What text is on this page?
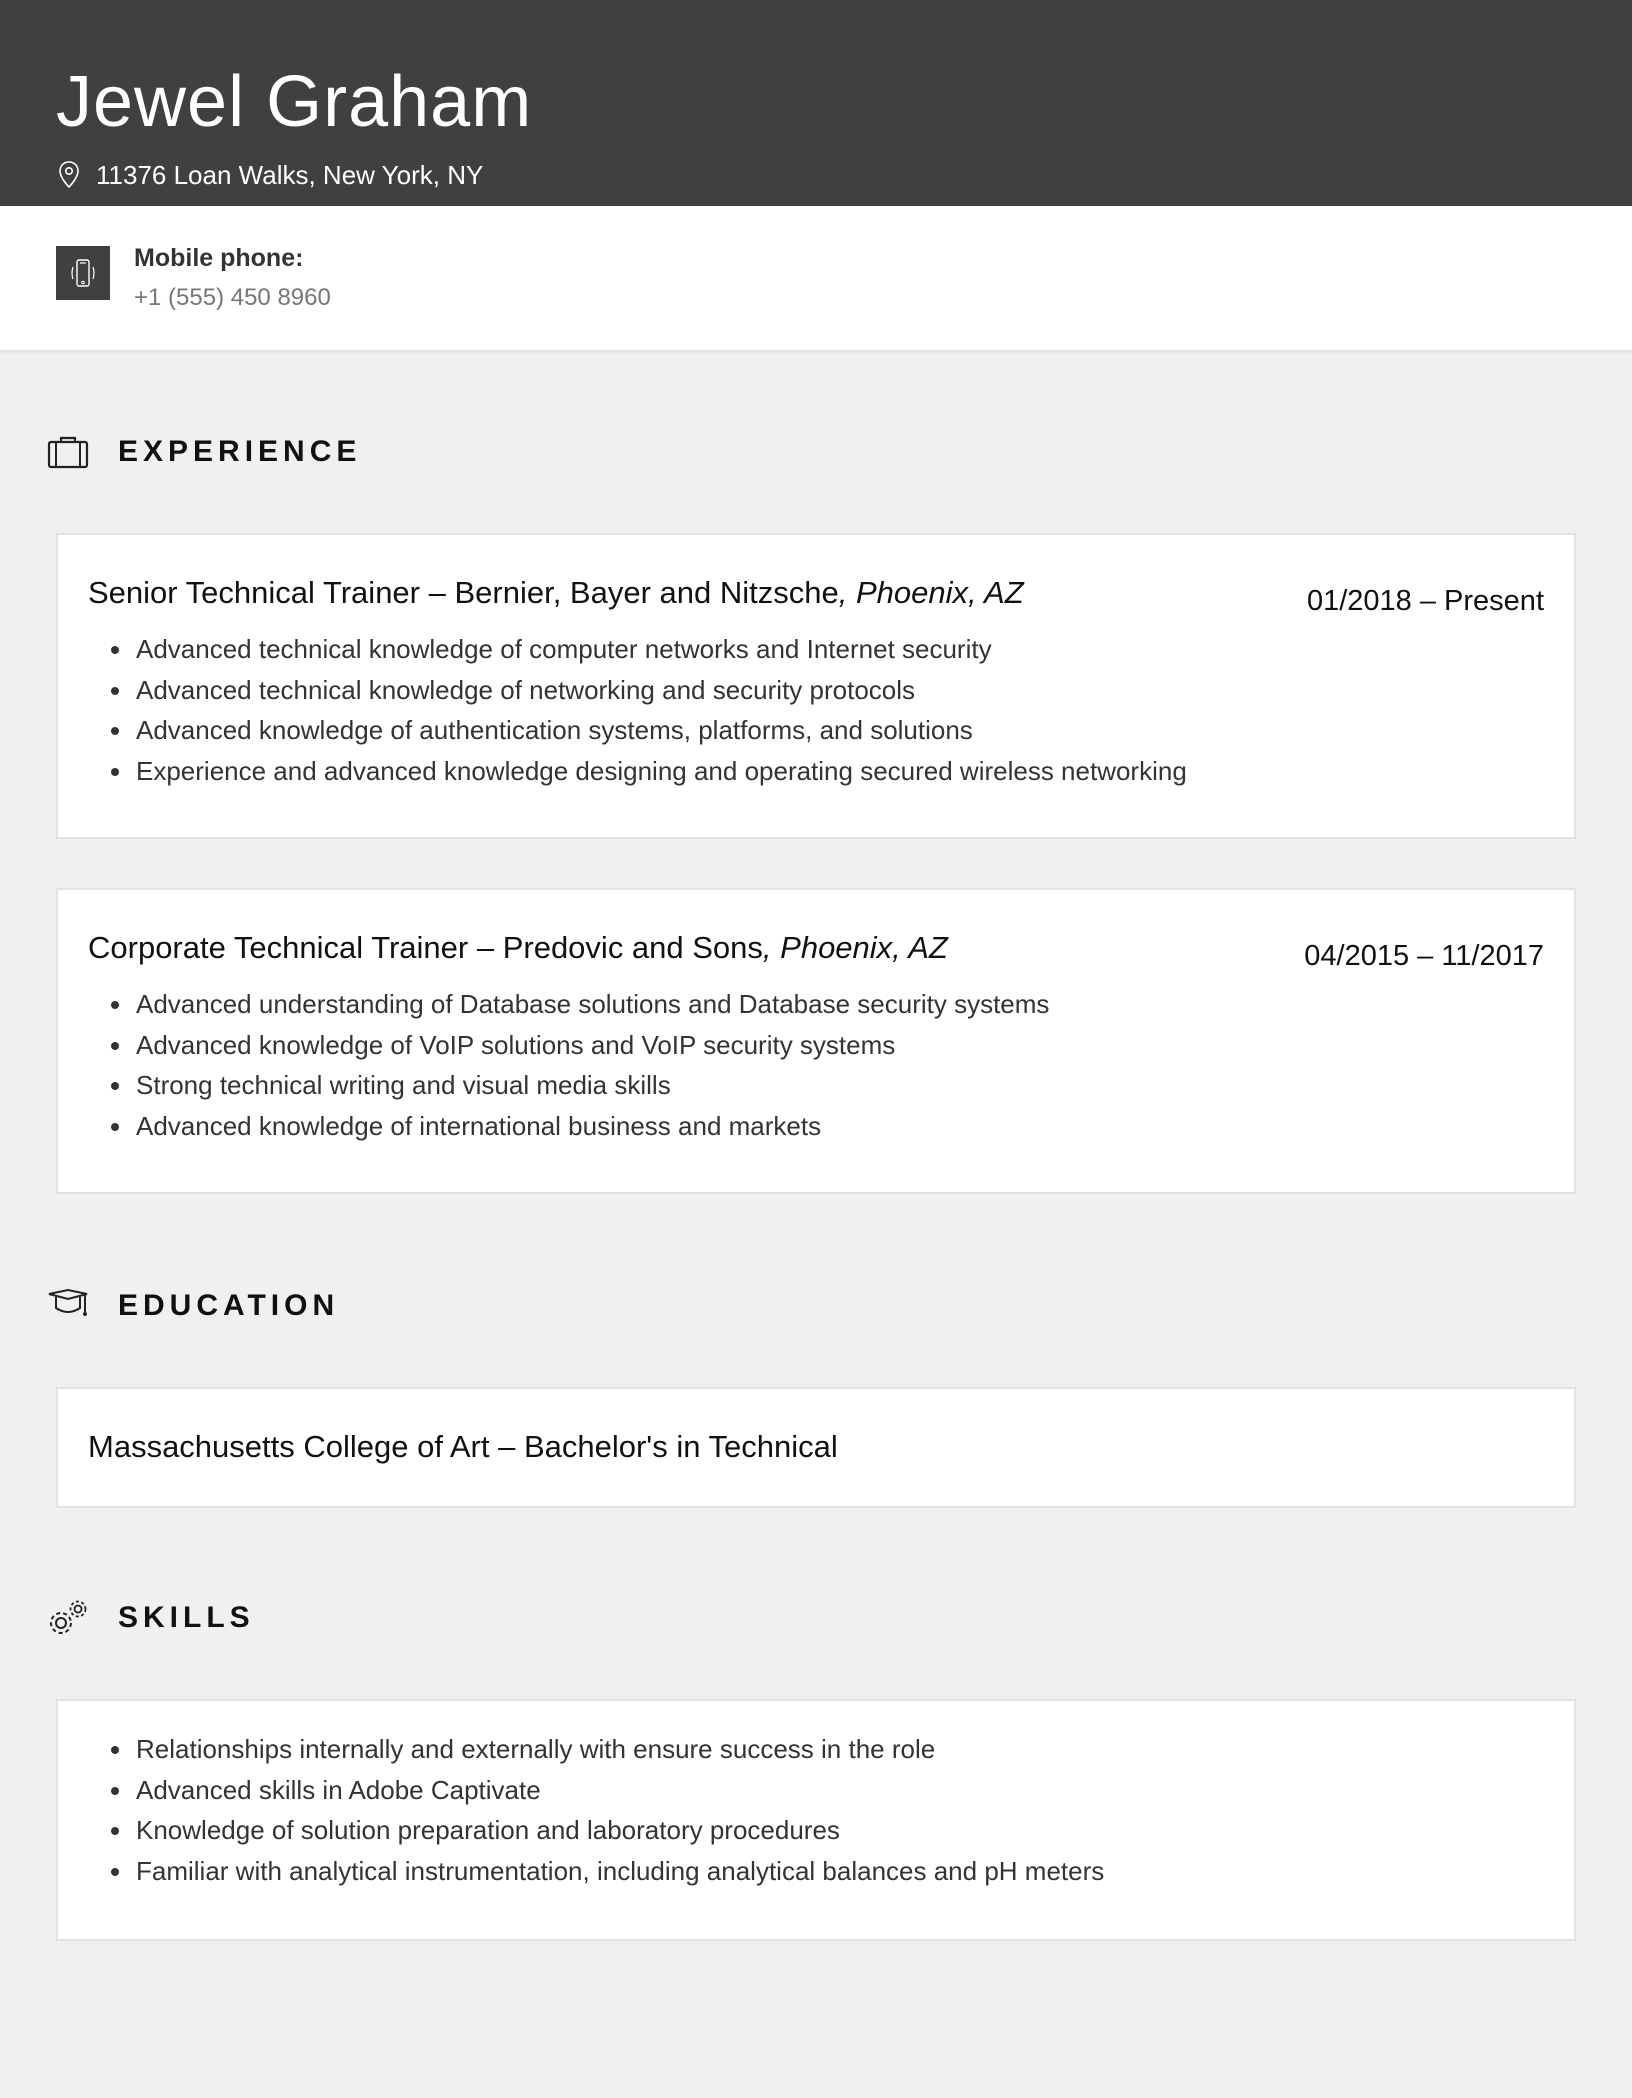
Jewel Graham
11376 Loan Walks, New York, NY
Mobile phone:
+1 (555) 450 8960
EXPERIENCE
Senior Technical Trainer – Bernier, Bayer and Nitzsche, Phoenix, AZ	01/2018 – Present
Advanced technical knowledge of computer networks and Internet security
Advanced technical knowledge of networking and security protocols
Advanced knowledge of authentication systems, platforms, and solutions
Experience and advanced knowledge designing and operating secured wireless networking
Corporate Technical Trainer – Predovic and Sons, Phoenix, AZ	04/2015 – 11/2017
Advanced understanding of Database solutions and Database security systems
Advanced knowledge of VoIP solutions and VoIP security systems
Strong technical writing and visual media skills
Advanced knowledge of international business and markets
EDUCATION
Massachusetts College of Art – Bachelor's in Technical
SKILLS
Relationships internally and externally with ensure success in the role
Advanced skills in Adobe Captivate
Knowledge of solution preparation and laboratory procedures
Familiar with analytical instrumentation, including analytical balances and pH meters
